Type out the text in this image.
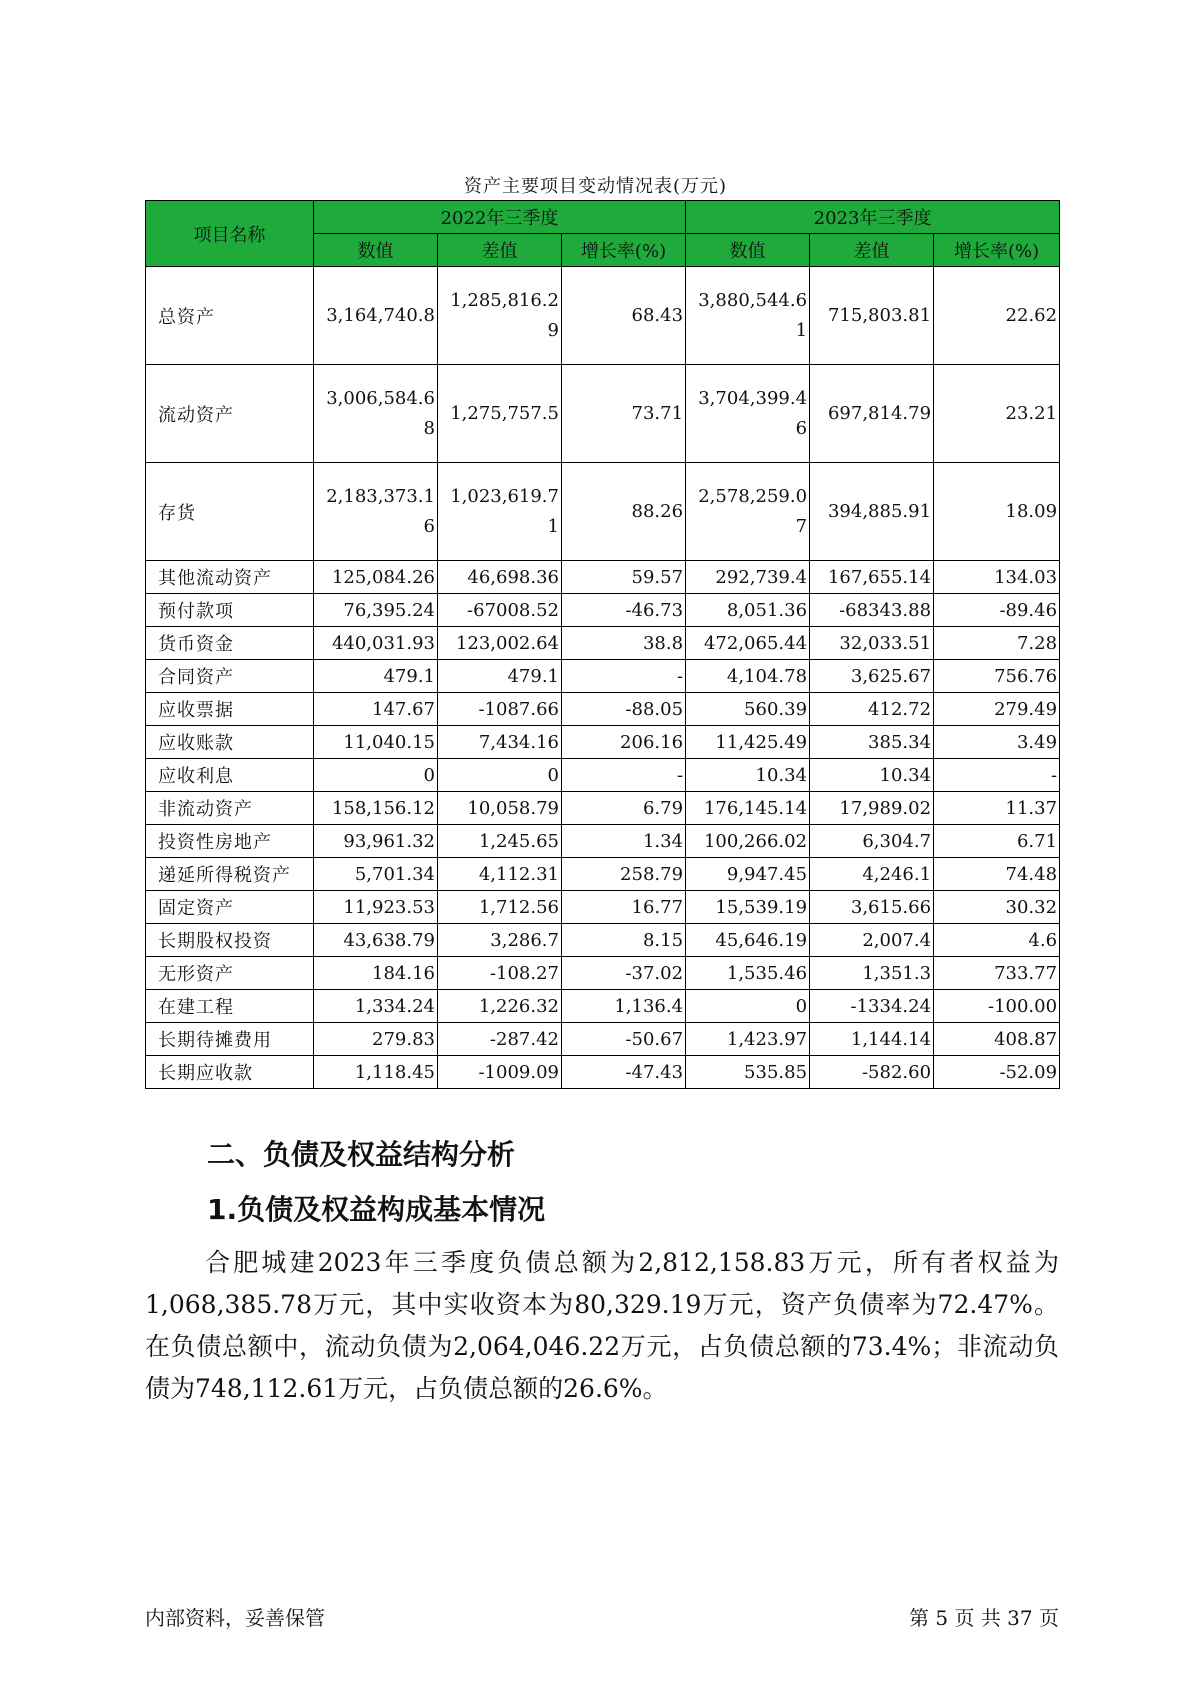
资产主要项目变动情况表(万元)
项目名称	2022年三季度			2023年三季度		
	数值	差值	增长率(%)	数值	差值	增长率(%)
总资产	3,164,740.8	1,285,816.29	68.43	3,880,544.61	715,803.81	22.62
流动资产	3,006,584.68	1,275,757.5	73.71	3,704,399.46	697,814.79	23.21
存货	2,183,373.16	1,023,619.71	88.26	2,578,259.07	394,885.91	18.09
其他流动资产	125,084.26	46,698.36	59.57	292,739.4	167,655.14	134.03
预付款项	76,395.24	-67008.52	-46.73	8,051.36	-68343.88	-89.46
货币资金	440,031.93	123,002.64	38.8	472,065.44	32,033.51	7.28
合同资产	479.1	479.1	-	4,104.78	3,625.67	756.76
应收票据	147.67	-1087.66	-88.05	560.39	412.72	279.49
应收账款	11,040.15	7,434.16	206.16	11,425.49	385.34	3.49
应收利息	0	0	-	10.34	10.34	-
非流动资产	158,156.12	10,058.79	6.79	176,145.14	17,989.02	11.37
投资性房地产	93,961.32	1,245.65	1.34	100,266.02	6,304.7	6.71
递延所得税资产	5,701.34	4,112.31	258.79	9,947.45	4,246.1	74.48
固定资产	11,923.53	1,712.56	16.77	15,539.19	3,615.66	30.32
长期股权投资	43,638.79	3,286.7	8.15	45,646.19	2,007.4	4.6
无形资产	184.16	-108.27	-37.02	1,535.46	1,351.3	733.77
在建工程	1,334.24	1,226.32	1,136.4	0	-1334.24	-100.00
长期待摊费用	279.83	-287.42	-50.67	1,423.97	1,144.14	408.87
长期应收款	1,118.45	-1009.09	-47.43	535.85	-582.60	-52.09
二、负债及权益结构分析
1.负债及权益构成基本情况

合肥城建2023年三季度负债总额为2,812,158.83万元，所有者权益为1,068,385.78万元，其中实收资本为80,329.19万元，资产负债率为72.47%。在负债总额中，流动负债为2,064,046.22万元，占负债总额的73.4%；非流动负债为748,112.61万元，占负债总额的26.6%。

内部资料，妥善保管	第 5 页 共 37 页
